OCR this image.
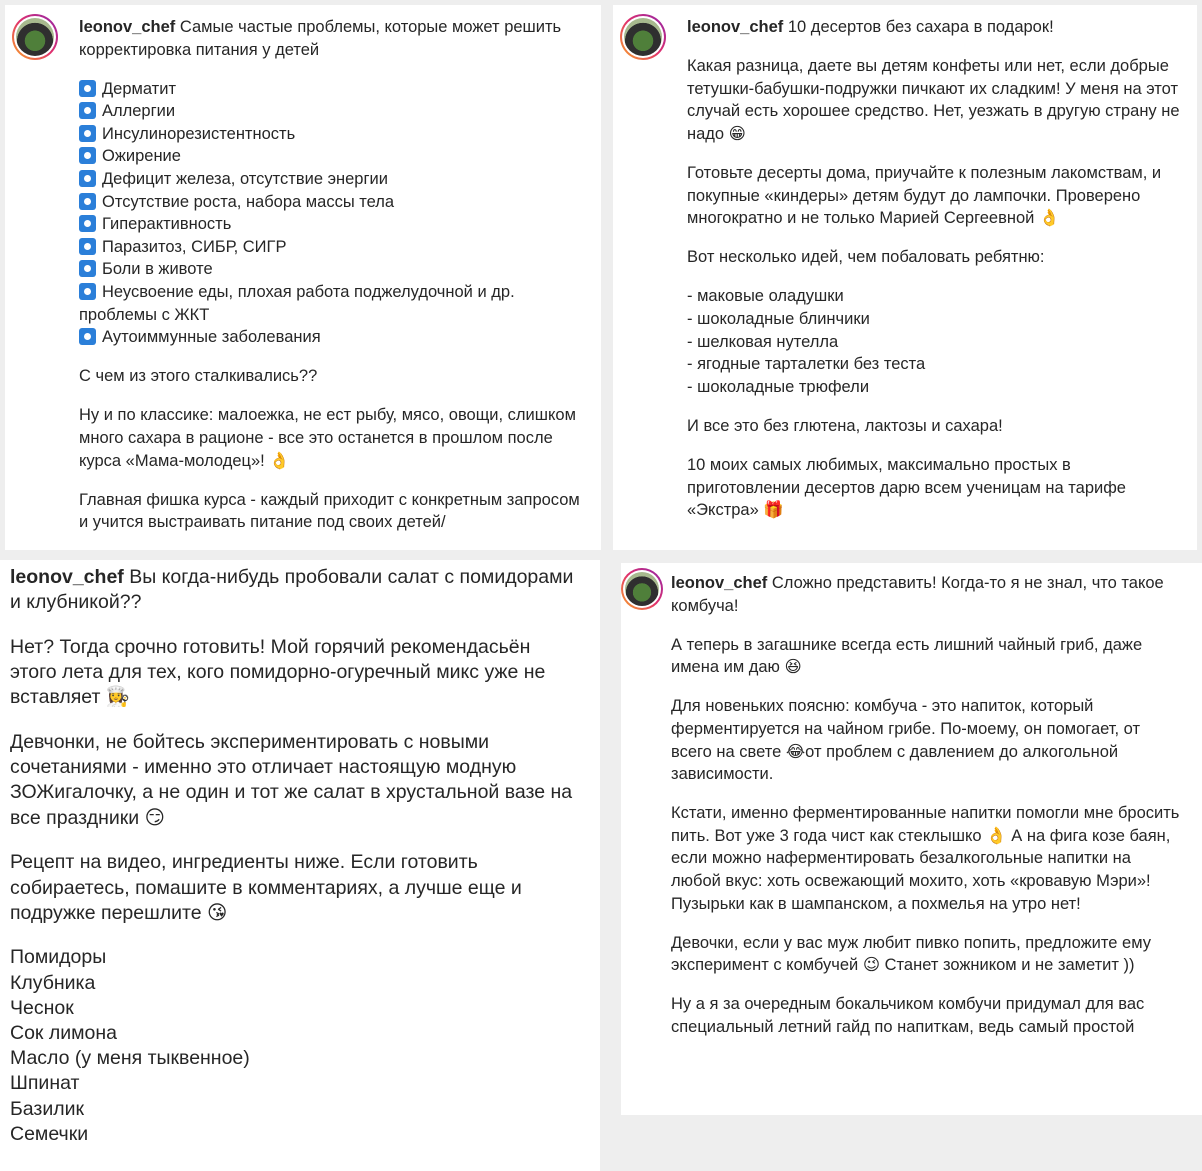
leonov_chef Самые частые проблемы, которые может решить корректировка питания у детей
Дерматит
Аллергии
Инсулинорезистентность
Ожирение
Дефицит железа, отсутствие энергии
Отсутствие роста, набора массы тела
Гиперактивность
Паразитоз, СИБР, СИГР
Боли в животе
Неусвоение еды, плохая работа поджелудочной и др. проблемы с ЖКТ
Аутоиммунные заболевания
С чем из этого сталкивались??
Ну и по классике: малоежка, не ест рыбу, мясо, овощи, слишком много сахара в рационе - все это останется в прошлом после курса «Мама-молодец»! 👌
Главная фишка курса - каждый приходит с конкретным запросом и учится выстраивать питание под своих детей/
leonov_chef 10 десертов без сахара в подарок!
Какая разница, даете вы детям конфеты или нет, если добрые тетушки-бабушки-подружки пичкают их сладким! У меня на этот случай есть хорошее средство. Нет, уезжать в другую страну не надо 😁
Готовьте десерты дома, приучайте к полезным лакомствам, и покупные «киндеры» детям будут до лампочки. Проверено многократно и не только Марией Сергеевной 👌
Вот несколько идей, чем побаловать ребятню:
- маковые оладушки
- шоколадные блинчики
- шелковая нутелла
- ягодные тарталетки без теста
- шоколадные трюфели
И все это без глютена, лактозы и сахара!
10 моих самых любимых, максимально простых в приготовлении десертов дарю всем ученицам на тарифе «Экстра» 🎁
leonov_chef Вы когда-нибудь пробовали салат с помидорами и клубникой??
Нет? Тогда срочно готовить! Мой горячий рекомендасьён этого лета для тех, кого помидорно-огуречный микс уже не вставляет 👩‍🍳
Девчонки, не бойтесь экспериментировать с новыми сочетаниями - именно это отличает настоящую модную ЗОЖигалочку, а не один и тот же салат в хрустальной вазе на все праздники 😏
Рецепт на видео, ингредиенты ниже. Если готовить собираетесь, помашите в комментариях, а лучше еще и подружке перешлите 😘
Помидоры
Клубника
Чеснок
Сок лимона
Масло (у меня тыквенное)
Шпинат
Базилик
Семечки
leonov_chef Сложно представить! Когда-то я не знал, что такое комбуча!
А теперь в загашнике всегда есть лишний чайный гриб, даже имена им даю 😆
Для новеньких поясню: комбуча - это напиток, который ферментируется на чайном грибе. По-моему, он помогает, от всего на свете 😂от проблем с давлением до алкогольной зависимости.
Кстати, именно ферментированные напитки помогли мне бросить пить. Вот уже 3 года чист как стеклышко 👌 А на фига козе баян, если можно наферментировать безалкогольные напитки на любой вкус: хоть освежающий мохито, хоть «кровавую Мэри»! Пузырьки как в шампанском, а похмелья на утро нет!
Девочки, если у вас муж любит пивко попить, предложите ему эксперимент с комбучей 😉 Станет зожником и не заметит ))
Ну а я за очередным бокальчиком комбучи придумал для вас специальный летний гайд по напиткам, ведь самый простой
